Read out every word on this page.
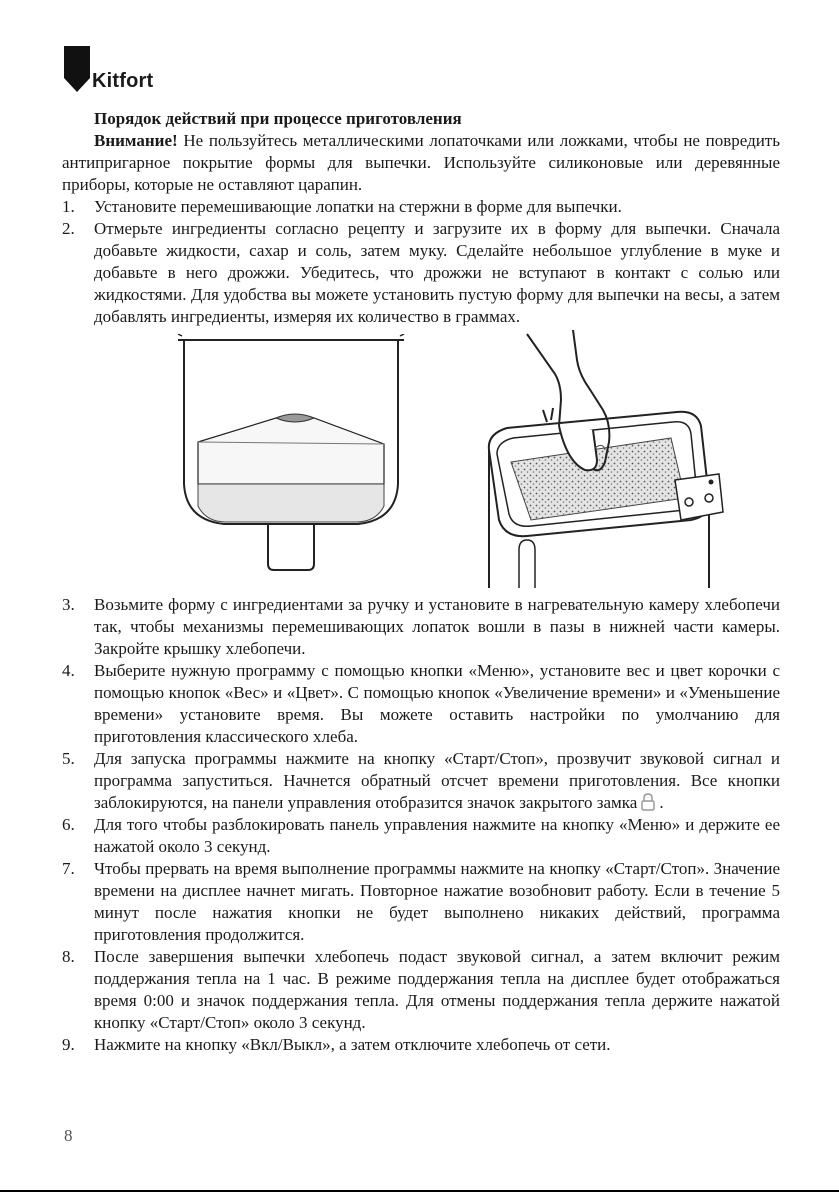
Kitfort

Порядок действий при процессе приготовления

Внимание! Не пользуйтесь металлическими лопаточками или ложками, чтобы не повредить антипригарное покрытие формы для выпечки. Используйте силиконовые или деревянные приборы, которые не оставляют царапин.

1. Установите перемешивающие лопатки на стержни в форме для выпечки.
2. Отмерьте ингредиенты согласно рецепту и загрузите их в форму для выпечки. Сначала добавьте жидкости, сахар и соль, затем муку. Сделайте небольшое углубление в муке и добавьте в него дрожжи. Убедитесь, что дрожжи не вступают в контакт с солью или жидкостями. Для удобства вы можете установить пустую форму для выпечки на весы, а затем добавлять ингредиенты, измеряя их количество в граммах.
3. Возьмите форму с ингредиентами за ручку и установите в нагревательную камеру хлебопечи так, чтобы механизмы перемешивающих лопаток вошли в пазы в нижней части камеры. Закройте крышку хлебопечи.
4. Выберите нужную программу с помощью кнопки «Меню», установите вес и цвет корочки с помощью кнопок «Вес» и «Цвет». С помощью кнопок «Увеличение времени» и «Уменьшение времени» установите время. Вы можете оставить настройки по умолчанию для приготовления классического хлеба.
5. Для запуска программы нажмите на кнопку «Старт/Стоп», прозвучит звуковой сигнал и программа запуститься. Начнется обратный отсчет времени приготовления. Все кнопки заблокируются, на панели управления отобразится значок закрытого замка .
6. Для того чтобы разблокировать панель управления нажмите на кнопку «Меню» и держите ее нажатой около 3 секунд.
7. Чтобы прервать на время выполнение программы нажмите на кнопку «Старт/Стоп». Значение времени на дисплее начнет мигать. Повторное нажатие возобновит работу. Если в течение 5 минут после нажатия кнопки не будет выполнено никаких действий, программа приготовления продолжится.
8. После завершения выпечки хлебопечь подаст звуковой сигнал, а затем включит режим поддержания тепла на 1 час. В режиме поддержания тепла на дисплее будет отображаться время 0:00 и значок поддержания тепла. Для отмены поддержания тепла держите нажатой кнопку «Старт/Стоп» около 3 секунд.
9. Нажмите на кнопку «Вкл/Выкл», а затем отключите хлебопечь от сети.
8
